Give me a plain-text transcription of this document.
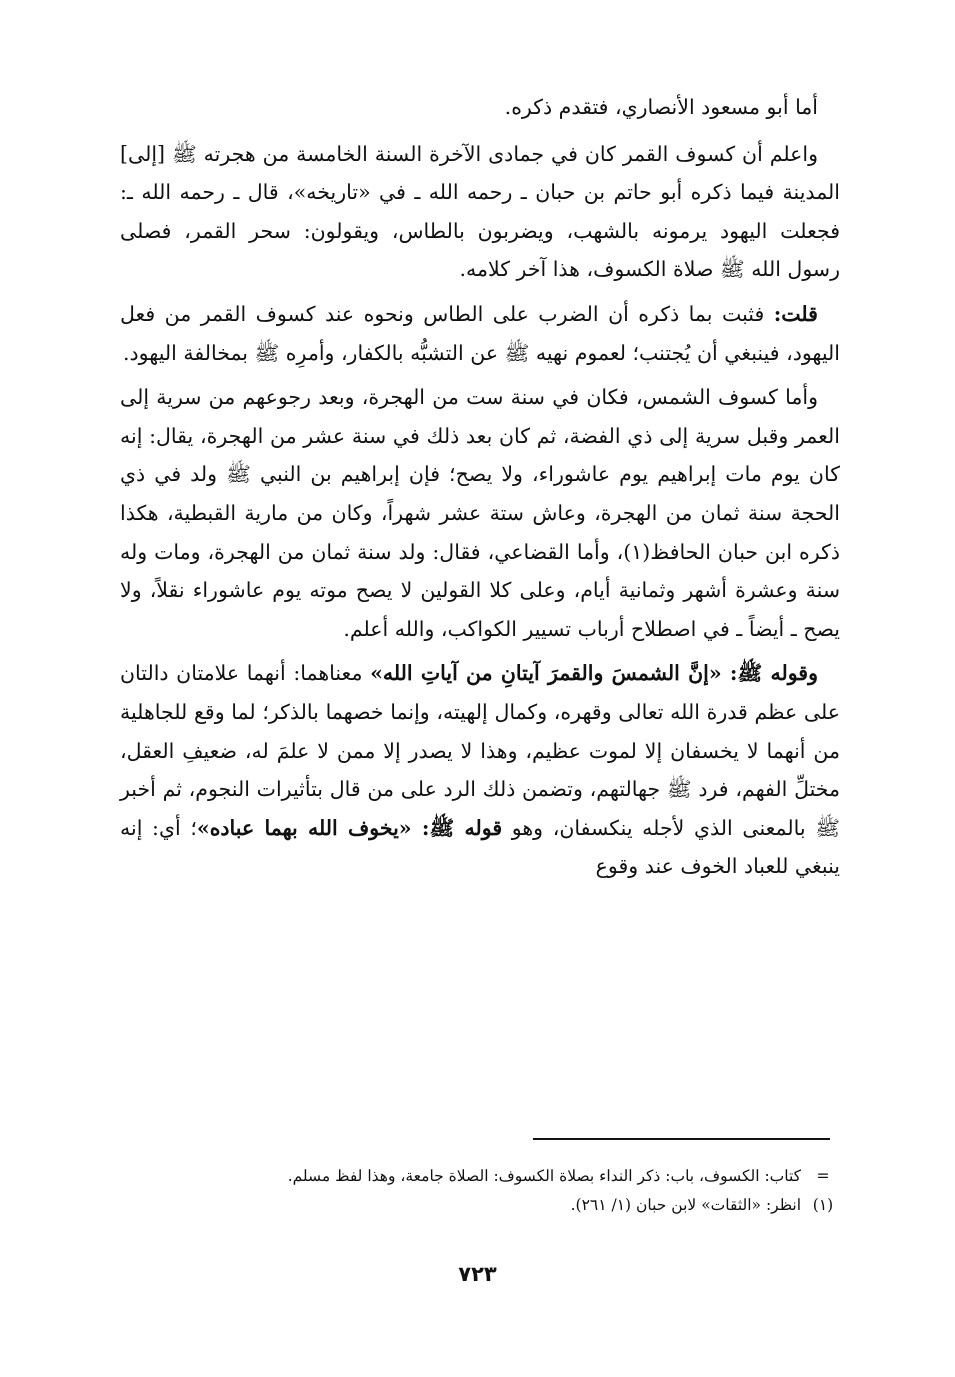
أما أبو مسعود الأنصاري، فتقدم ذكره.

واعلم أن كسوف القمر كان في جمادى الآخرة السنة الخامسة من هجرته ﷺ [إلى] المدينة فيما ذكره أبو حاتم بن حبان ـ رحمه الله ـ في «تاريخه»، قال ـ رحمه الله ـ: فجعلت اليهود يرمونه بالشهب، ويضربون بالطاس، ويقولون: سحر القمر، فصلى رسول الله ﷺ صلاة الكسوف، هذا آخر كلامه.

قلت: فثبت بما ذكره أن الضرب على الطاس ونحوه عند كسوف القمر من فعل اليهود، فينبغي أن يُجتنب؛ لعموم نهيه ﷺ عن التشبُّه بالكفار، وأمرِه ﷺ بمخالفة اليهود.

وأما كسوف الشمس، فكان في سنة ست من الهجرة، وبعد رجوعهم من سرية إلى العمر وقبل سرية إلى ذي الفضة، ثم كان بعد ذلك في سنة عشر من الهجرة، يقال: إنه كان يوم مات إبراهيم يوم عاشوراء، ولا يصح؛ فإن إبراهيم بن النبي ﷺ ولد في ذي الحجة سنة ثمان من الهجرة، وعاش ستة عشر شهراً، وكان من مارية القبطية، هكذا ذكره ابن حبان الحافظ(١)، وأما القضاعي، فقال: ولد سنة ثمان من الهجرة، ومات وله سنة وعشرة أشهر وثمانية أيام، وعلى كلا القولين لا يصح موته يوم عاشوراء نقلاً، ولا يصح ـ أيضاً ـ في اصطلاح أرباب تسيير الكواكب، والله أعلم.

وقوله ﷺ: «إنَّ الشمسَ والقمرَ آيتانِ من آياتِ الله» معناهما: أنهما علامتان دالتان على عظم قدرة الله تعالى وقهره، وكمال إلهيته، وإنما خصهما بالذكر؛ لما وقع للجاهلية من أنهما لا يخسفان إلا لموت عظيم، وهذا لا يصدر إلا ممن لا علمَ له، ضعيفِ العقل، مختلِّ الفهم، فرد ﷺ جهالتهم، وتضمن ذلك الرد على من قال بتأثيرات النجوم، ثم أخبر ﷺ بالمعنى الذي لأجله ينكسفان، وهو قوله ﷺ: «يخوف الله بهما عباده»؛ أي: إنه ينبغي للعباد الخوف عند وقوع

= كتاب: الكسوف، باب: ذكر النداء بصلاة الكسوف: الصلاة جامعة، وهذا لفظ مسلم.
(١) انظر: «الثقات» لابن حبان (١/ ٢٦١).
٧٢٣
